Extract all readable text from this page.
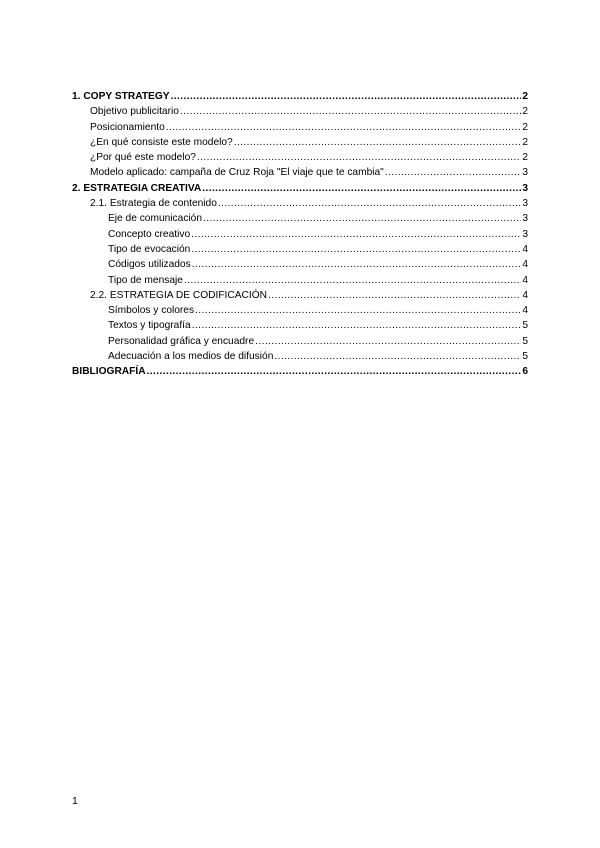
1. COPY STRATEGY .....	2
Objetivo publicitario .....	2
Posicionamiento .....	2
¿En qué consiste este modelo? .....	2
¿Por qué este modelo? .....	2
Modelo aplicado: campaña de Cruz Roja "El viaje que te cambia" .....	3
2. ESTRATEGIA CREATIVA .....	3
2.1. Estrategia de contenido .....	3
Eje de comunicación .....	3
Concepto creativo .....	3
Tipo de evocación .....	4
Códigos utilizados .....	4
Tipo de mensaje .....	4
2.2. ESTRATEGIA DE CODIFICACIÓN .....	4
Símbolos y colores .....	4
Textos y tipografía .....	5
Personalidad gráfica y encuadre .....	5
Adecuación a los medios de difusión .....	5
BIBLIOGRAFÍA .....	6
1
